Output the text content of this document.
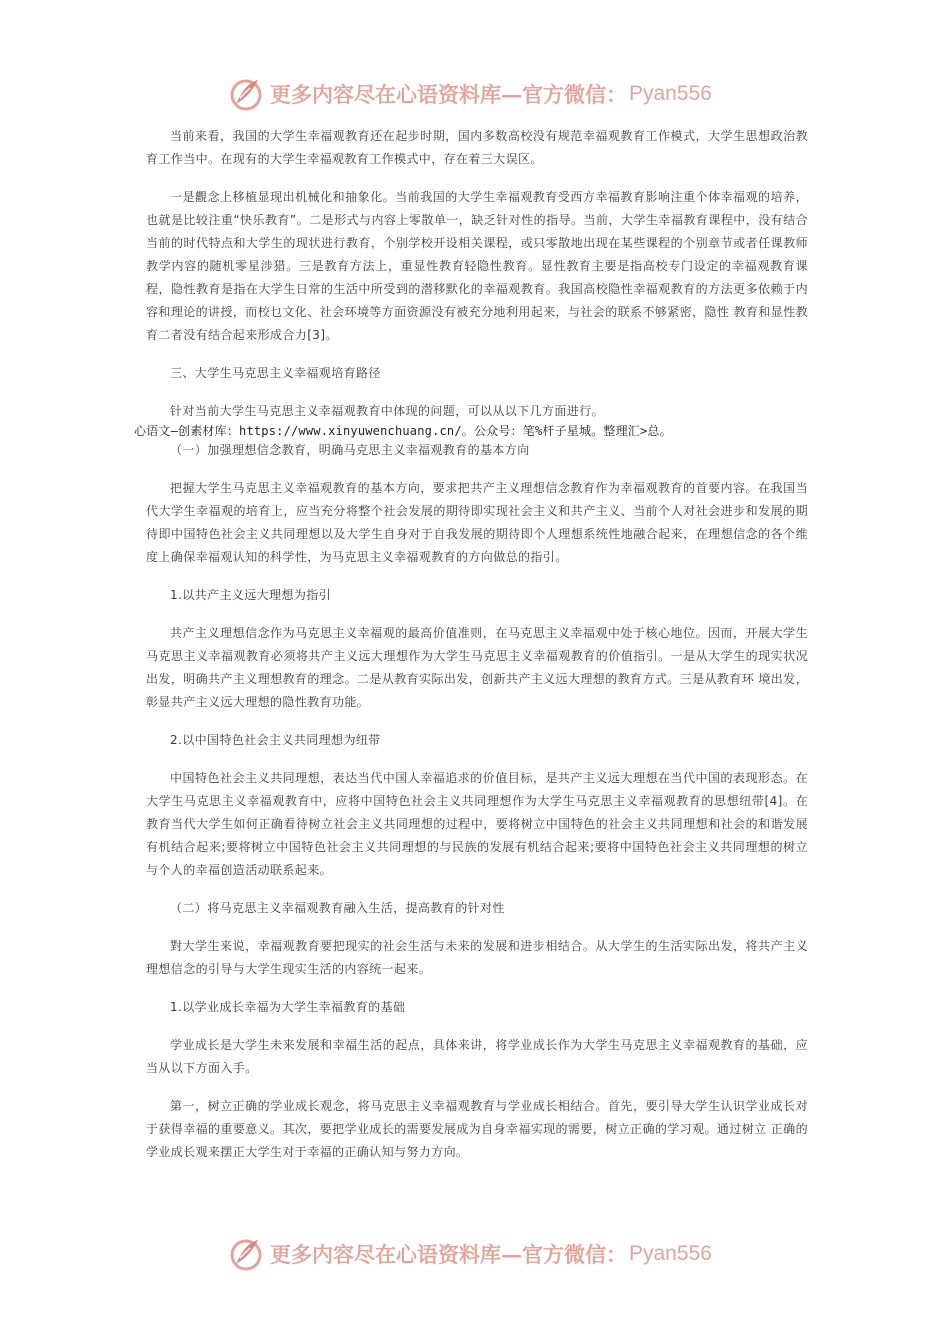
更多内容尽在心语资料库—官方微信： Pyan556
当前来看，我国的大学生幸福观教育还在起步时期，国内多数高校没有规范幸福观教育工作模式，大学生思想政治教育工作当中。在现有的大学生幸福观教育工作模式中，存在着三大误区。
一是觀念上移植显现出机械化和抽象化。当前我国的大学生幸福观教育受西方幸福教育影响注重个体幸福观的培养，也就是比较注重“快乐教育”。二是形式与内容上零散单一，缺乏针对性的指导。当前，大学生幸福教育课程中，没有结合当前的时代特点和大学生的现状进行教育，个别学校开设相关课程，或只零散地出现在某些课程的个别章节或者任课教师教学内容的随机零星涉猎。三是教育方法上，重显性教育轻隐性教育。显性教育主要是指高校专门设定的幸福观教育课程，隐性教育是指在大学生日常的生活中所受到的潜移默化的幸福观教育。我国高校隐性幸福观教育的方法更多依赖于内容和理论的讲授，而校乜文化、社会环境等方面资源没有被充分地利用起来，与社会的联系不够紧密，隐性 教育和显性教育二者没有结合起来形成合力[3]。
三、大学生马克思主义幸福观培育路径
针对当前大学生马克思主义幸福观教育中体现的问题，可以从以下几方面进行。
心语文—创素材库：https://www.xinyuwenchuang.cn/。公众号：笔%杆子星城。整理汇>总。
（一）加强理想信念教育，明确马克思主义幸福观教育的基本方向
把握大学生马克思主义幸福观教育的基本方向，要求把共产主义理想信念教育作为幸福观教育的首要内容。在我国当代大学生幸福观的培育上，应当充分将整个社会发展的期待即实现社会主义和共产主义、当前个人对社会进步和发展的期待即中国特色社会主义共同理想以及大学生自身对于自我发展的期待即个人理想系统性地融合起来，在理想信念的各个维度上确保幸福观认知的科学性，为马克思主义幸福观教育的方向做总的指引。
1.以共产主义远大理想为指引
共产主义理想信念作为马克思主义幸福观的最高价值准则，在马克思主义幸福观中处于核心地位。因而，开展大学生马克思主义幸福观教育必须将共产主义远大理想作为大学生马克思主义幸福观教育的价值指引。一是从大学生的现实状况出发，明确共产主义理想教育的理念。二是从教育实际出发，创新共产主义远大理想的教育方式。三是从教育环 境出发，彰显共产主义远大理想的隐性教育功能。
2.以中国特色社会主义共同理想为纽带
中国特色社会主义共同理想，表达当代中国人幸福追求的价值目标，是共产主义远大理想在当代中国的表现形态。在大学生马克思主义幸福观教育中，应将中国特色社会主义共同理想作为大学生马克思主义幸福观教育的思想纽带[4]。在教育当代大学生如何正确看待树立社会主义共同理想的过程中，要将树立中国特色的社会主义共同理想和社会的和谐发展有机结合起来;要将树立中国特色社会主义共同理想的与民族的发展有机结合起来;要将中国特色社会主义共同理想的树立与个人的幸福创造活动联系起来。
（二）将马克思主义幸福观教育融入生活，提高教育的针对性
對大学生来说，幸福观教育要把现实的社会生活与未来的发展和进步相结合。从大学生的生活实际出发，将共产主义理想信念的引导与大学生现实生活的内容统一起来。
1.以学业成长幸福为大学生幸福教育的基础
学业成长是大学生未来发展和幸福生活的起点，具体来讲，将学业成长作为大学生马克思主义幸福观教育的基础，应当从以下方面入手。
第一，树立正确的学业成长观念，将马克思主义幸福观教育与学业成长相结合。首先，要引导大学生认识学业成长对于获得幸福的重要意义。其次，要把学业成长的需要发展成为自身幸福实现的需要，树立正确的学习观。通过树立 正确的学业成长观来摆正大学生对于幸福的正确认知与努力方向。
更多内容尽在心语资料库—官方微信： Pyan556
